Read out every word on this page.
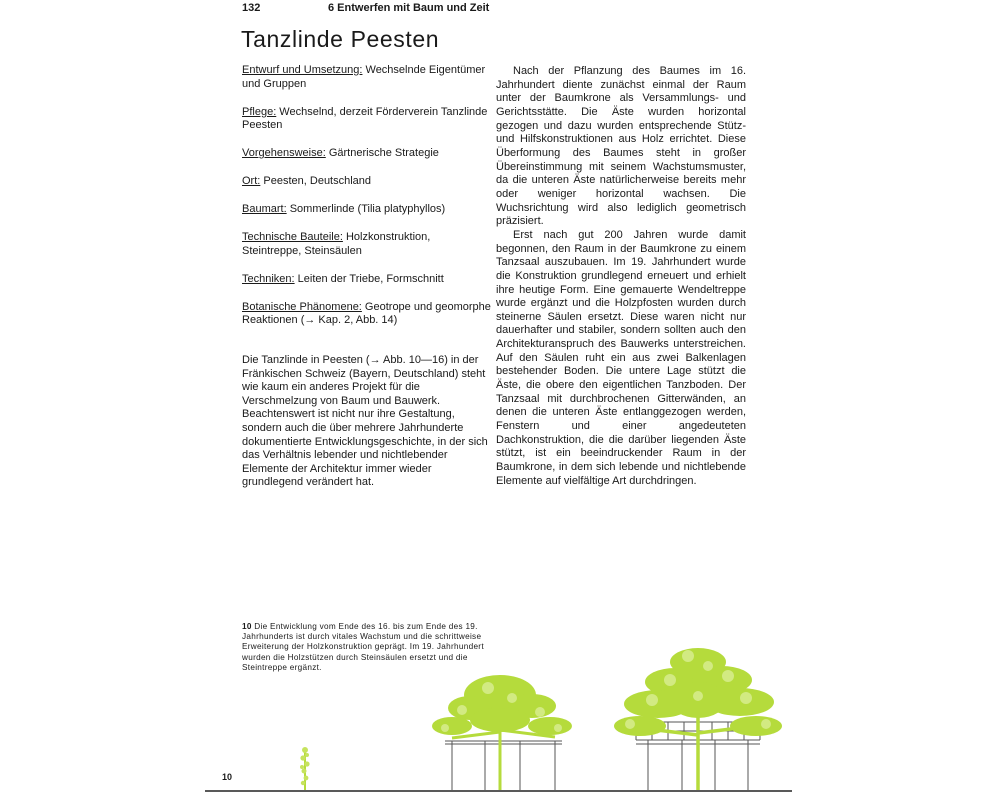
132	6 Entwerfen mit Baum und Zeit
Tanzlinde Peesten

Entwurf und Umsetzung: Wechselnde Eigentümer und Gruppen

Pflege: Wechselnd, derzeit Förderverein Tanzlinde Peesten

Vorgehensweise: Gärtnerische Strategie

Ort: Peesten, Deutschland

Baumart: Sommerlinde (Tilia platyphyllos)

Technische Bauteile: Holzkonstruktion, Steintreppe, Steinsäulen

Techniken: Leiten der Triebe, Formschnitt

Botanische Phänomene: Geotrope und geomorphe Reaktionen (→ Kap. 2, Abb. 14)

Die Tanzlinde in Peesten (→ Abb. 10—16) in der Fränkischen Schweiz (Bayern, Deutschland) steht wie kaum ein anderes Projekt für die Verschmelzung von Baum und Bauwerk. Beachtenswert ist nicht nur ihre Gestaltung, sondern auch die über mehrere Jahrhunderte dokumentierte Entwicklungsgeschichte, in der sich das Verhältnis lebender und nichtlebender Elemente der Architektur immer wieder grundlegend verändert hat.

Nach der Pflanzung des Baumes im 16. Jahrhundert diente zunächst einmal der Raum unter der Baumkrone als Versammlungs- und Gerichtsstätte. Die Äste wurden horizontal gezogen und dazu wurden entsprechende Stütz- und Hilfskonstruktionen aus Holz errichtet. Diese Überformung des Baumes steht in großer Übereinstimmung mit seinem Wachstumsmuster, da die unteren Äste natürlicherweise bereits mehr oder weniger horizontal wachsen. Die Wuchsrichtung wird also lediglich geometrisch präzisiert.

Erst nach gut 200 Jahren wurde damit begonnen, den Raum in der Baumkrone zu einem Tanzsaal auszubauen. Im 19. Jahrhundert wurde die Konstruktion grundlegend erneuert und erhielt ihre heutige Form. Eine gemauerte Wendeltreppe wurde ergänzt und die Holzpfosten wurden durch steinerne Säulen ersetzt. Diese waren nicht nur dauerhafter und stabiler, sondern sollten auch den Architekturanspruch des Bauwerks unterstreichen. Auf den Säulen ruht ein aus zwei Balkenlagen bestehender Boden. Die untere Lage stützt die Äste, die obere den eigentlichen Tanzboden. Der Tanzsaal mit durchbrochenen Gitterwänden, an denen die unteren Äste entlanggezogen werden, Fenstern und einer angedeuteten Dachkonstruktion, die die darüber liegenden Äste stützt, ist ein beeindruckender Raum in der Baumkrone, in dem sich lebende und nichtlebende Elemente auf vielfältige Art durchdringen.

10 Die Entwicklung vom Ende des 16. bis zum Ende des 19. Jahrhunderts ist durch vitales Wachstum und die schrittweise Erweiterung der Holzkonstruktion geprägt. Im 19. Jahrhundert wurden die Holzstützen durch Steinsäulen ersetzt und die Steintreppe ergänzt.

10
